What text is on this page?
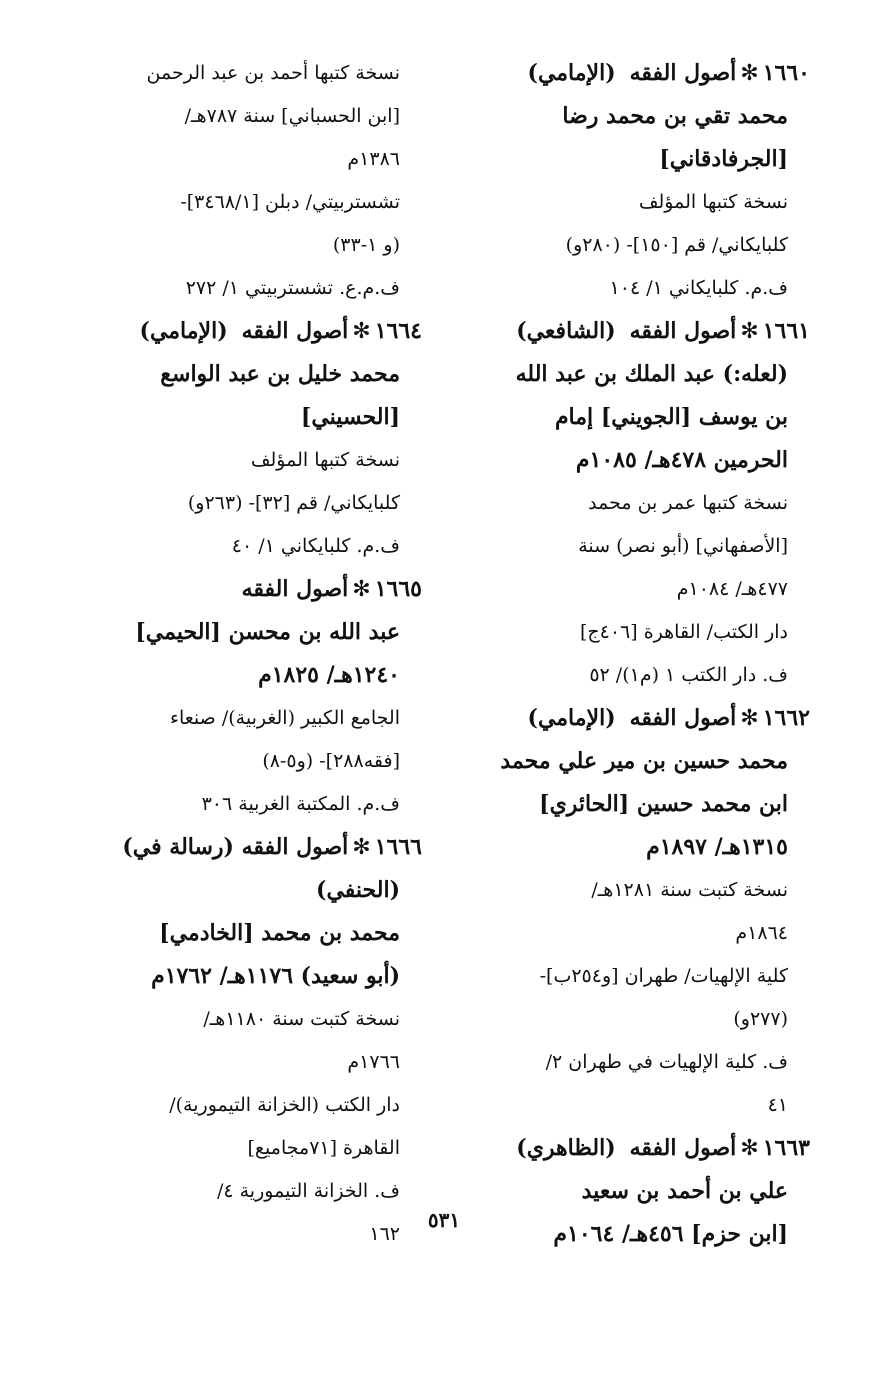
١٦٦٠✻أصول الفقه(الإمامي)
محمد تقي بن محمد رضا
[الجرفادقاني]
نسخة كتبها المؤلف
كلبايكاني/ قم [١٥٠]- (٢٨٠و)
ف.م. كلبايكاني ١/ ١٠٤
١٦٦١✻أصول الفقه(الشافعي)
(لعله:) عبد الملك بن عبد الله
بن يوسف [الجويني] إمام
الحرمين ٤٧٨هـ/ ١٠٨٥م
نسخة كتبها عمر بن محمد
[الأصفهاني] (أبو نصر) سنة
٤٧٧هـ/ ١٠٨٤م
دار الكتب/ القاهرة [٤٠٦ج]
ف. دار الكتب ١ (م١)/ ٥٢
١٦٦٢✻أصول الفقه(الإمامي)
محمد حسين بن مير علي محمد
ابن محمد حسين [الحائري]
١٣١٥هـ/ ١٨٩٧م
نسخة كتبت سنة ١٢٨١هـ/
١٨٦٤م
كلية الإلهيات/ طهران [و٢٥٤ب]-
(٢٧٧و)
ف. كلية الإلهيات في طهران ٢/
٤١
١٦٦٣✻أصول الفقه(الظاهري)
علي بن أحمد بن سعيد
[ابن حزم] ٤٥٦هـ/ ١٠٦٤م
نسخة كتبها أحمد بن عبد الرحمن
[ابن الحسباني] سنة ٧٨٧هـ/
١٣٨٦م
تشستربيتي/ دبلن [٣٤٦٨/١]-
(و ١-٣٣)
ف.م.ع. تشستربيتي ١/ ٢٧٢
١٦٦٤✻أصول الفقه(الإمامي)
محمد خليل بن عبد الواسع
[الحسيني]
نسخة كتبها المؤلف
كلبايكاني/ قم [٣٢]- (٢٦٣و)
ف.م. كلبايكاني ١/ ٤٠
١٦٦٥✻أصول الفقه
عبد الله بن محسن [الحيمي]
١٢٤٠هـ/ ١٨٢٥م
الجامع الكبير (الغربية)/ صنعاء
[فقه٢٨٨]- (و٥-٨)
ف.م. المكتبة الغربية ٣٠٦
١٦٦٦✻أصول الفقه (رسالة في)
(الحنفي)
محمد بن محمد [الخادمي]
(أبو سعيد) ١١٧٦هـ/ ١٧٦٢م
نسخة كتبت سنة ١١٨٠هـ/
١٧٦٦م
دار الكتب (الخزانة التيمورية)/
القاهرة [٧١مجاميع]
ف. الخزانة التيمورية ٤/
١٦٢
٥٣١
